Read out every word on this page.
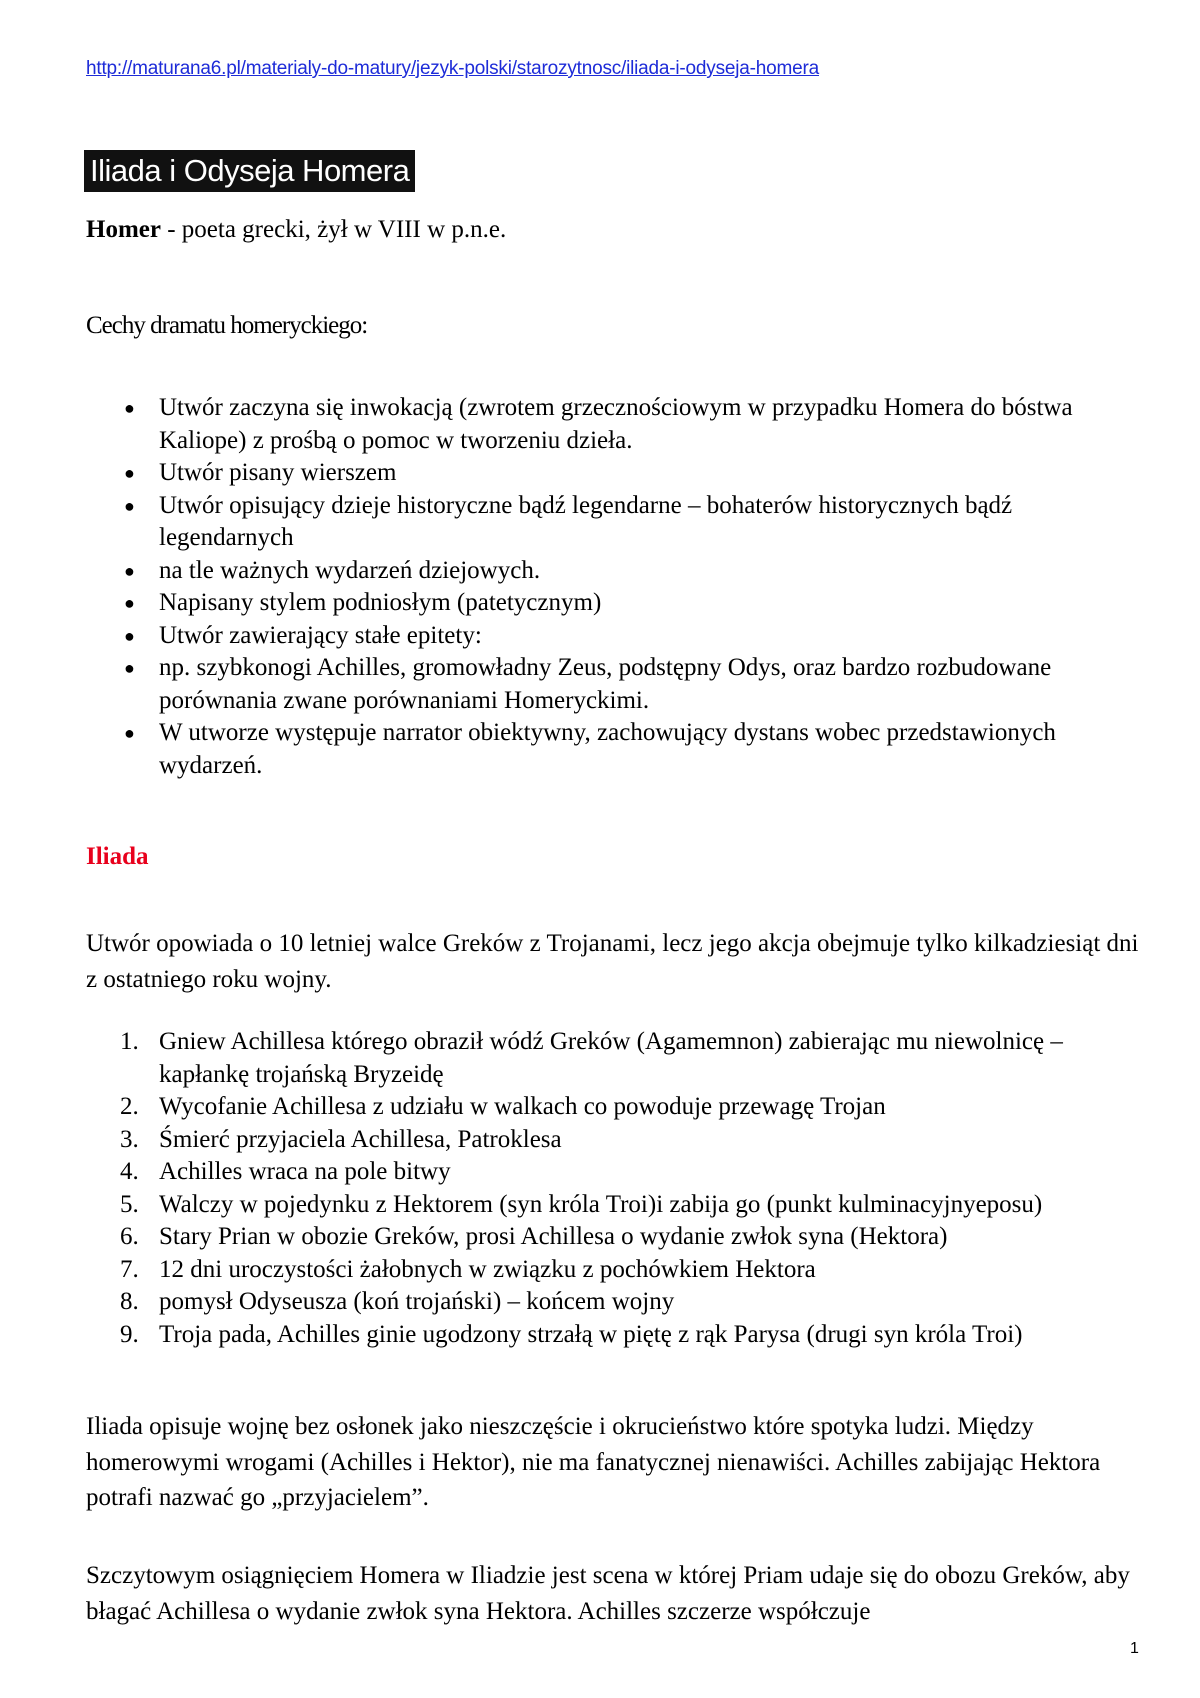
http://maturana6.pl/materialy-do-matury/jezyk-polski/starozytnosc/iliada-i-odyseja-homera
Iliada i Odyseja Homera
Homer - poeta grecki, żył w VIII w p.n.e.
Cechy dramatu homeryckiego:
● Utwór zaczyna się inwokacją (zwrotem grzecznościowym w przypadku Homera do bóstwa Kaliope) z prośbą o pomoc w tworzeniu dzieła.
● Utwór pisany wierszem
● Utwór opisujący dzieje historyczne bądź legendarne – bohaterów historycznych bądź legendarnych
● na tle ważnych wydarzeń dziejowych.
● Napisany stylem podniosłym (patetycznym)
● Utwór zawierający stałe epitety:
● np. szybkonogi Achilles, gromowładny Zeus, podstępny Odys, oraz bardzo rozbudowane porównania zwane porównaniami Homeryckimi.
● W utworze występuje narrator obiektywny, zachowujący dystans wobec przedstawionych wydarzeń.
Iliada
Utwór opowiada o 10 letniej walce Greków z Trojanami, lecz jego akcja obejmuje tylko kilkadziesiąt dni z ostatniego roku wojny.
1. Gniew Achillesa którego obraził wódź Greków (Agamemnon) zabierając mu niewolnicę – kapłankę trojańską Bryzeidę
2. Wycofanie Achillesa z udziału w walkach co powoduje przewagę Trojan
3. Śmierć przyjaciela Achillesa, Patroklesa
4. Achilles wraca na pole bitwy
5. Walczy w pojedynku z Hektorem (syn króla Troi)i zabija go (punkt kulminacyjnyeposu)
6. Stary Prian w obozie Greków, prosi Achillesa o wydanie zwłok syna (Hektora)
7. 12 dni uroczystości żałobnych w związku z pochówkiem Hektora
8. pomysł Odyseusza (koń trojański) – końcem wojny
9. Troja pada, Achilles ginie ugodzony strzałą w piętę z rąk Parysa (drugi syn króla Troi)
Iliada opisuje wojnę bez osłonek jako nieszczęście i okrucieństwo które spotyka ludzi. Między homerowymi wrogami (Achilles i Hektor), nie ma fanatycznej nienawiści. Achilles zabijając Hektora potrafi nazwać go „przyjacielem”.
Szczytowym osiągnięciem Homera w Iliadzie jest scena w której Priam udaje się do obozu Greków, aby błagać Achillesa o wydanie zwłok syna Hektora. Achilles szczerze współczuje
1
